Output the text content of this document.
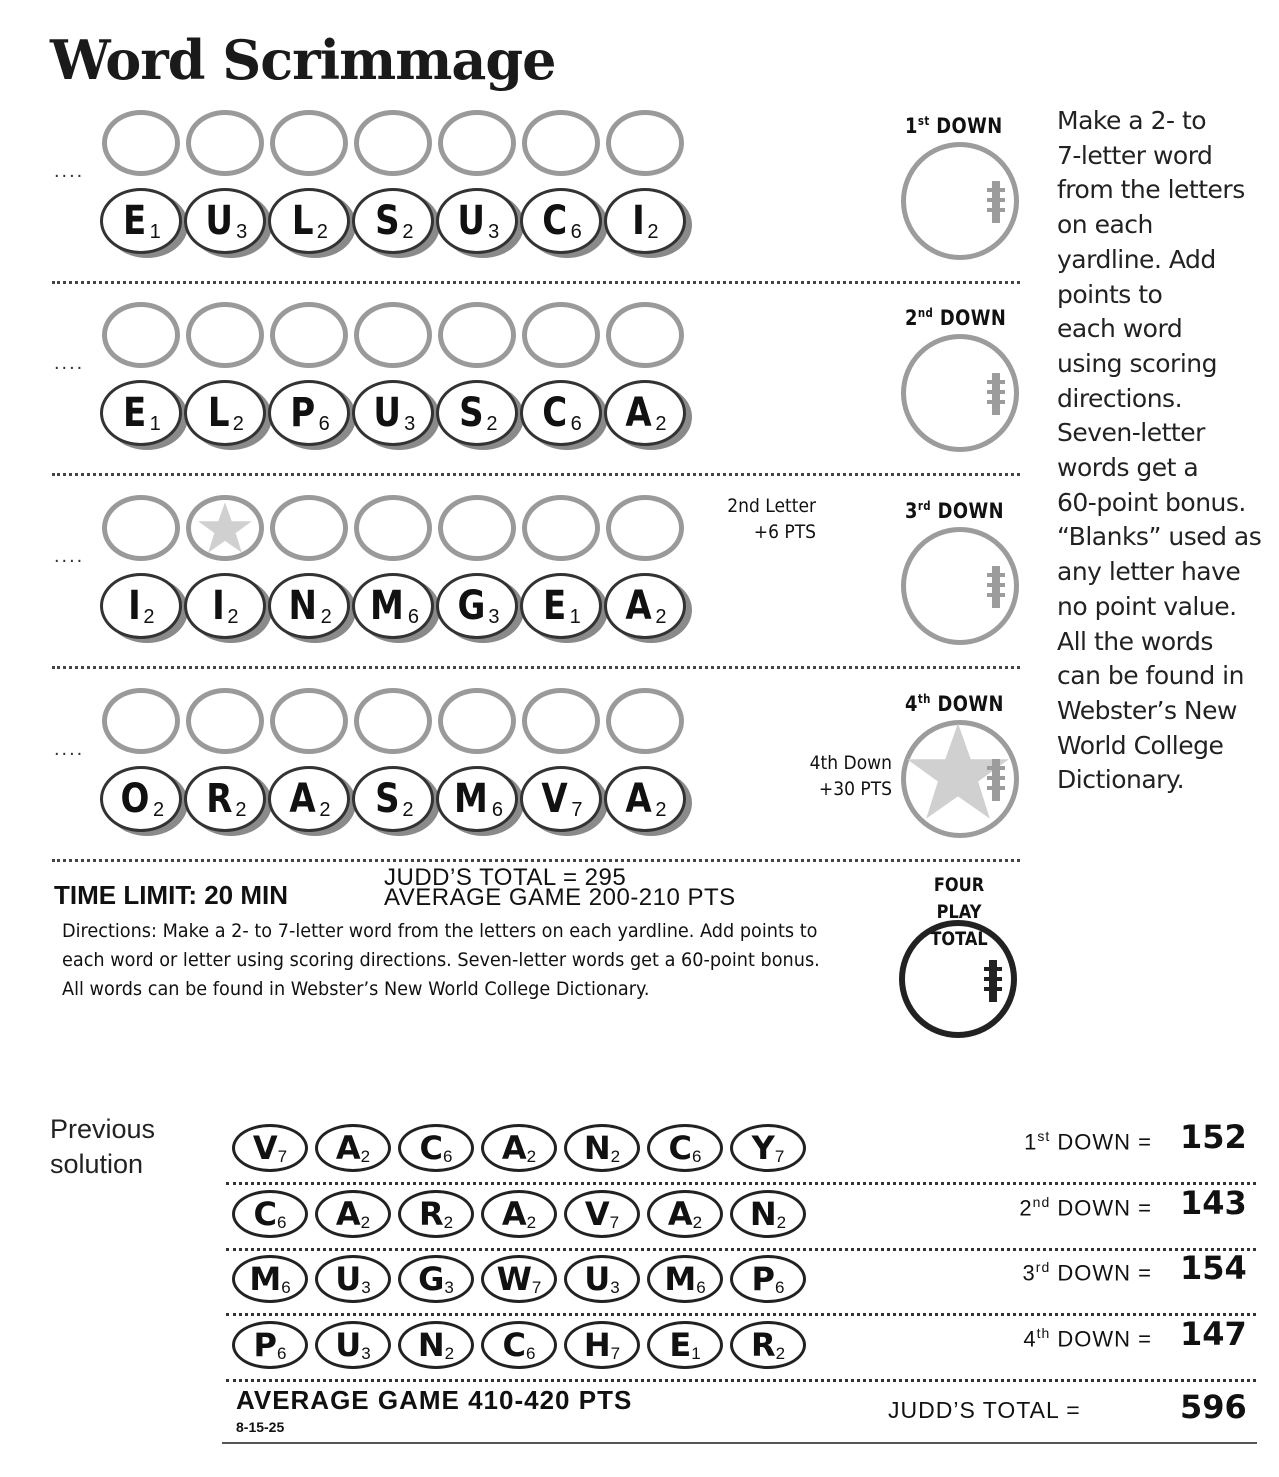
Word Scrimmage
....
E 1 U 3 L 2 S 2 U 3 C 6 I 2
1st DOWN
....
E 1 L 2 P 6 U 3 S 2 C 6 A 2
2nd DOWN
....
I 2 I 2 N 2 M 6 G 3 E 1 A 2
3rd DOWN
2nd Letter
+6 PTS
....
O 2 R 2 A 2 S 2 M 6 V 7 A 2
4th DOWN
4th Down
+30 PTS
Make a 2- to
7-letter word
from the letters
on each
yardline. Add
points to
each word
using scoring
directions.
Seven-letter
words get a
60-point bonus.
“Blanks” used as
any letter have
no point value.
All the words
can be found in
Webster’s New
World College
Dictionary.
TIME LIMIT: 20 MIN
JUDD’S TOTAL = 295
AVERAGE GAME 200-210 PTS
Directions: Make a 2- to 7-letter word from the letters on each yardline. Add points to each word or letter using scoring directions. Seven-letter words get a 60-point bonus. All words can be found in Webster’s New World College Dictionary.
FOUR PLAY
TOTAL
Previous
solution	V 7 A 2 C 6 A 2 N 2 C 6 Y 7
1st DOWN = 152
C 6 A 2 R 2 A 2 V 7 A 2 N 2
2nd DOWN = 143
M 6 U 3 G 3 W 7 U 3 M 6 P 6
3rd DOWN = 154
P 6 U 3 N 2 C 6 H 7 E 1 R 2
4th DOWN = 147
AVERAGE GAME 410-420 PTS
8-15-25
JUDD’S TOTAL =	596
